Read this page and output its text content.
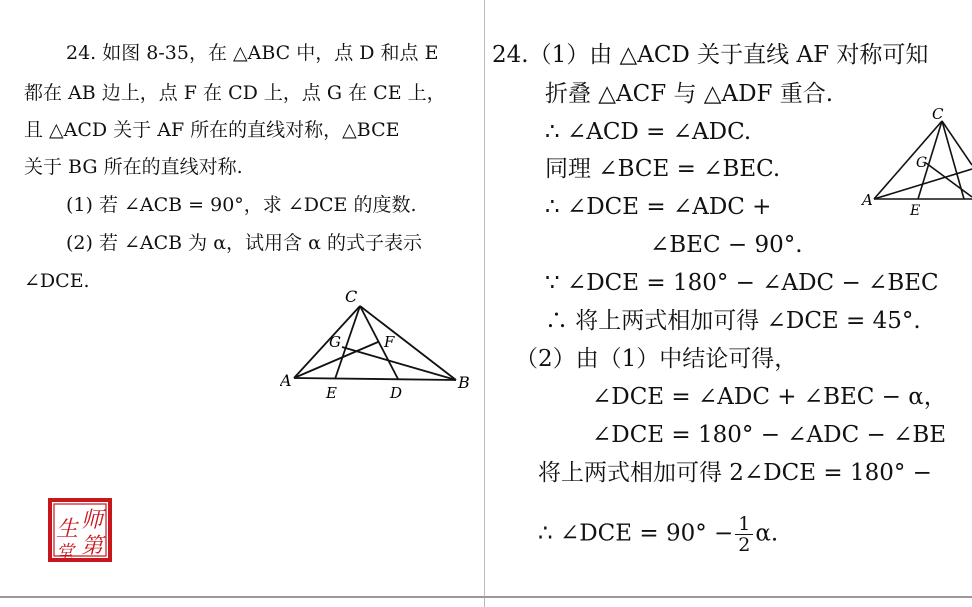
24. 如图 8-35，在 △ABC 中，点 D 和点 E
都在 AB 边上，点 F 在 CD 上，点 G 在 CE 上，
且 △ACD 关于 AF 所在的直线对称，△BCE
关于 BG 所在的直线对称.
(1) 若 ∠ACB = 90°，求 ∠DCE 的度数.
(2) 若 ∠ACB 为 α，试用含 α 的式子表示
∠DCE.
C
G	F
A
E	D
B
师
生
堂 第
24.（1）由 △ACD 关于直线 AF 对称可知
折叠 △ACF 与 △ADF 重合.
∴ ∠ACD = ∠ADC.
同理 ∠BCE = ∠BEC.
∴ ∠DCE = ∠ADC +
∠BEC − 90°.
∵ ∠DCE = 180° − ∠ADC − ∠BEC
∴ 将上两式相加可得 ∠DCE = 45°.
（2）由（1）中结论可得，
∠DCE = ∠ADC + ∠BEC − α，
∠DCE = 180° − ∠ADC − ∠BE
将上两式相加可得 2∠DCE = 180° −
∴ ∠DCE = $90^\circ - \frac{1}{2} \alpha$.
C
G
A
E
